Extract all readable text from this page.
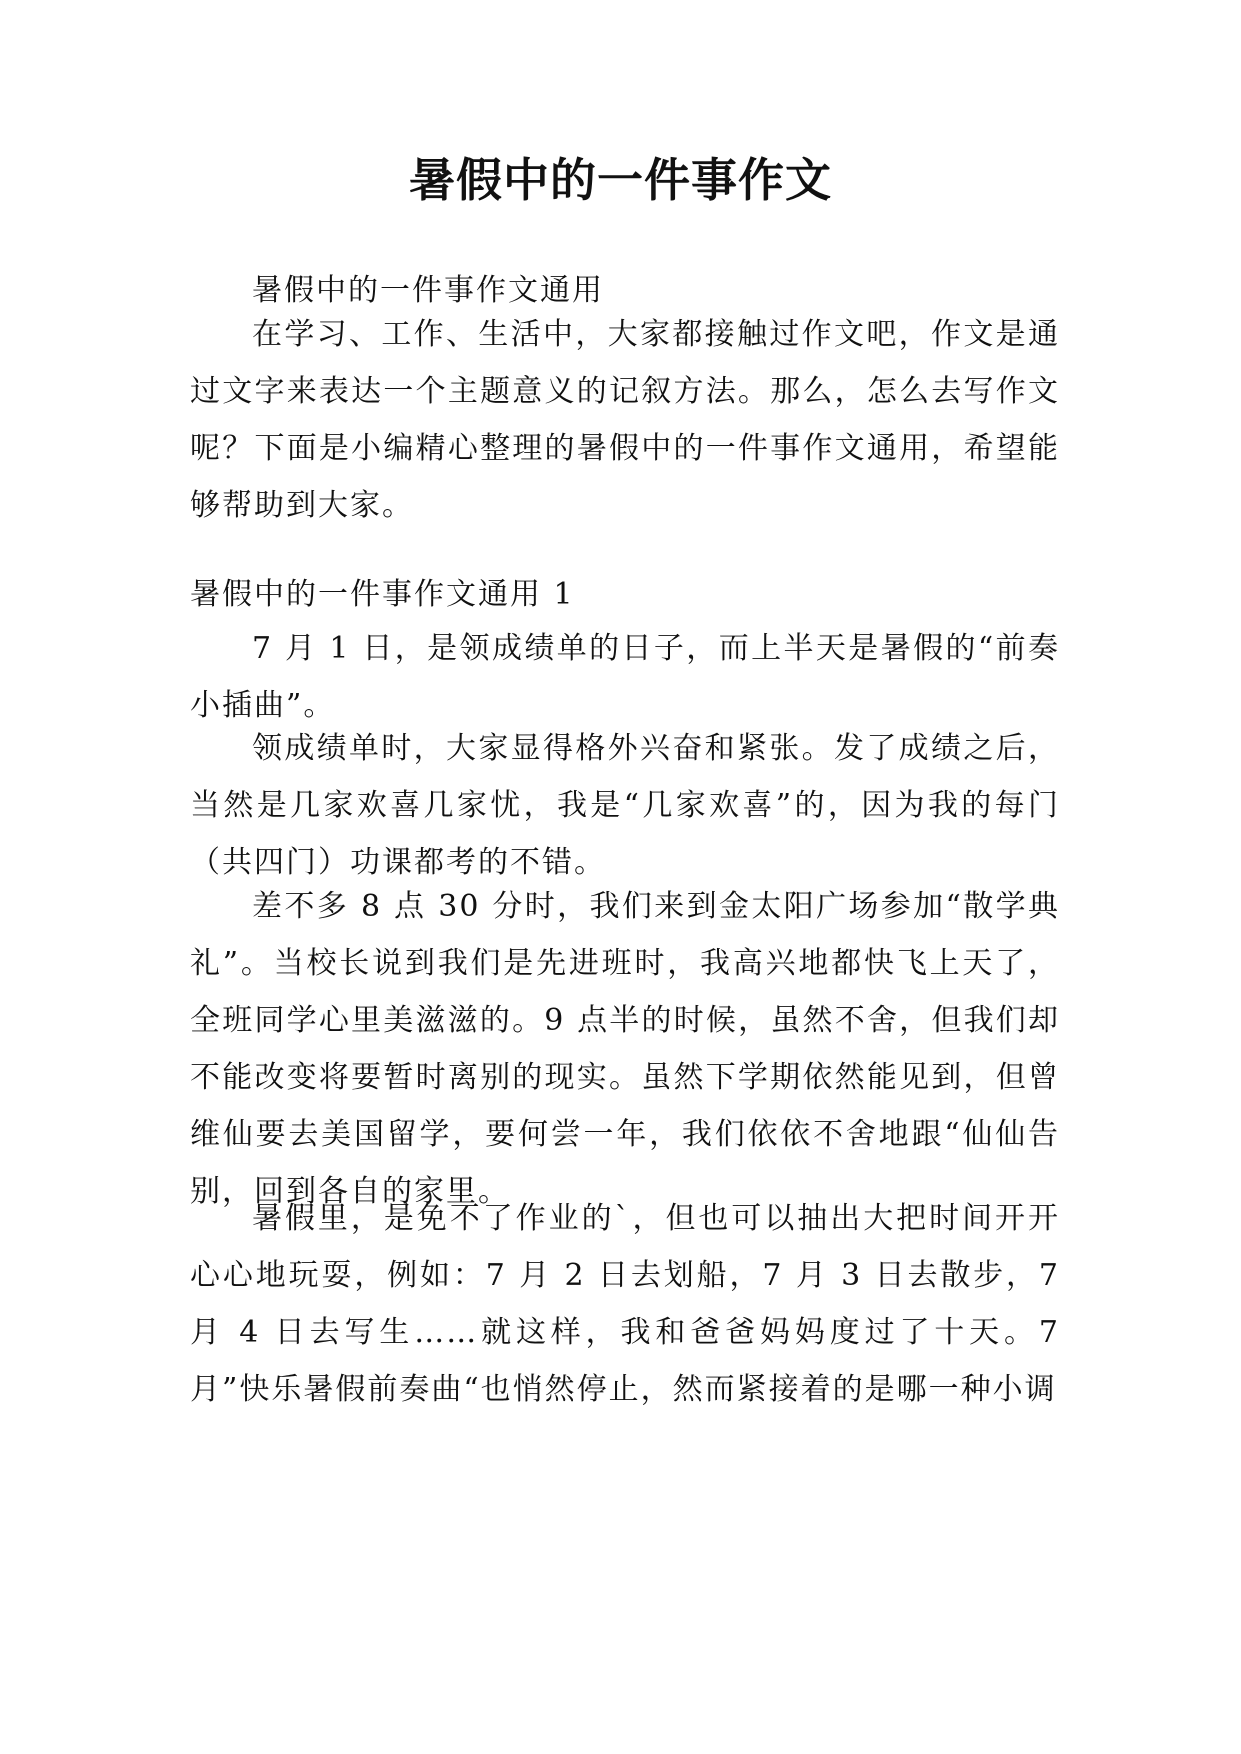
暑假中的一件事作文

暑假中的一件事作文通用

在学习、工作、生活中，大家都接触过作文吧，作文是通过文字来表达一个主题意义的记叙方法。那么，怎么去写作文呢？下面是小编精心整理的暑假中的一件事作文通用，希望能够帮助到大家。

暑假中的一件事作文通用 1

7 月 1 日，是领成绩单的日子，而上半天是暑假的“前奏小插曲”。

领成绩单时，大家显得格外兴奋和紧张。发了成绩之后，当然是几家欢喜几家忧，我是“几家欢喜”的，因为我的每门（共四门）功课都考的不错。

差不多 8 点 30 分时，我们来到金太阳广场参加“散学典礼”。当校长说到我们是先进班时，我高兴地都快飞上天了，全班同学心里美滋滋的。9 点半的时候，虽然不舍，但我们却不能改变将要暂时离别的现实。虽然下学期依然能见到，但曾维仙要去美国留学，要何尝一年，我们依依不舍地跟“仙仙告别，回到各自的家里。

暑假里，是免不了作业的`，但也可以抽出大把时间开开心心地玩耍，例如：7 月 2 日去划船，7 月 3 日去散步，7 月 4 日去写生……就这样，我和爸爸妈妈度过了十天。7 月”快乐暑假前奏曲“也悄然停止，然而紧接着的是哪一种小调
